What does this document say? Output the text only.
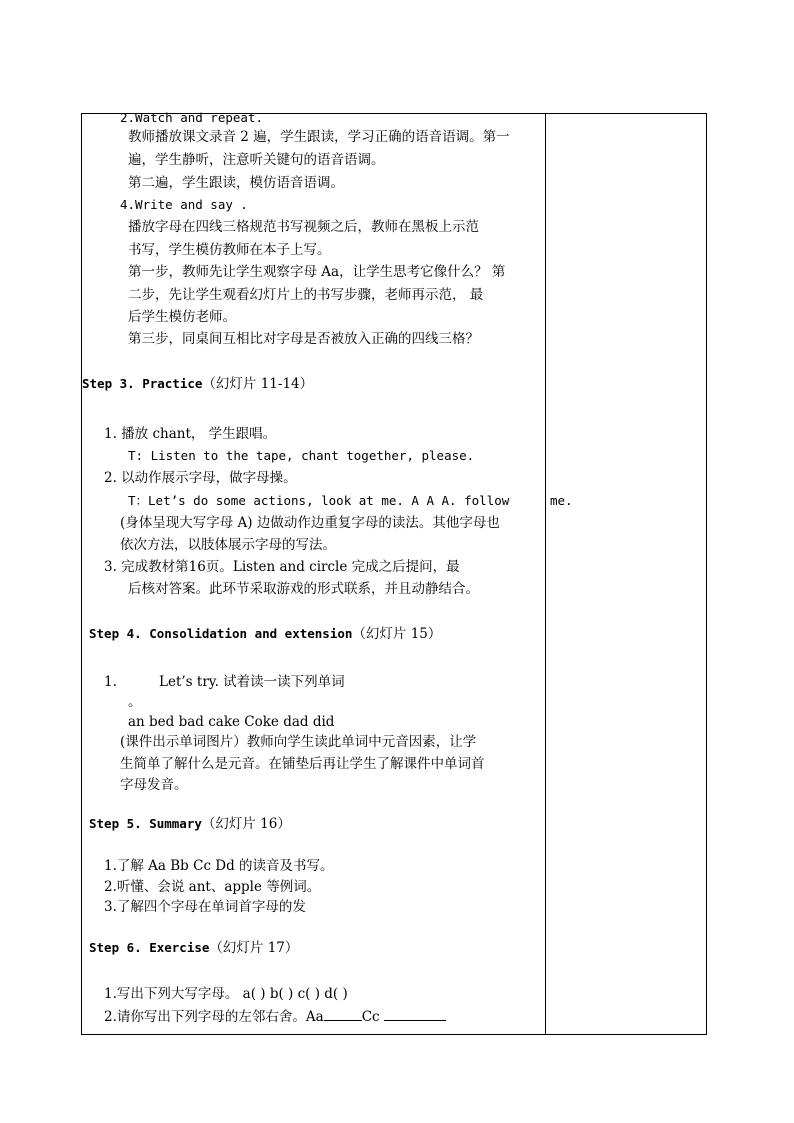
2.Watch and repeat.
教师播放课文录音 2 遍，学生跟读，学习正确的语音语调。第一
遍，学生静听，注意听关键句的语音语调。
第二遍，学生跟读，模仿语音语调。
4.Write and say .
播放字母在四线三格规范书写视频之后，教师在黑板上示范
书写，学生模仿教师在本子上写。
第一步，教师先让学生观察字母 Aa，让学生思考它像什么？ 第
二步，先让学生观看幻灯片上的书写步骤，老师再示范， 最
后学生模仿老师。
第三步，同桌间互相比对字母是否被放入正确的四线三格？
Step 3. Practice（幻灯片 11-14）
1. 播放 chant， 学生跟唱。
T: Listen to the tape, chant together, please.
2. 以动作展示字母，做字母操。
T：Let’s do some actions, look at me. A A A. follow	me.
(身体呈现大写字母 A) 边做动作边重复字母的读法。其他字母也
依次方法，以肢体展示字母的写法。
3. 完成教材第16页。Listen and circle 完成之后提问，最
后核对答案。此环节采取游戏的形式联系，并且动静结合。
Step 4. Consolidation and extension（幻灯片 15）
1.	Let’s try. 试着读一读下列单词
。
an bed bad cake Coke dad did
(课件出示单词图片）教师向学生读此单词中元音因素，让学
生简单了解什么是元音。在铺垫后再让学生了解课件中单词首
字母发音。
Step 5. Summary（幻灯片 16）
1.了解 Aa Bb Cc Dd 的读音及书写。
2.听懂、会说 ant、apple 等例词。
3.了解四个字母在单词首字母的发
Step 6. Exercise（幻灯片 17）
1.写出下列大写字母。 a( ) b( ) c( ) d( )
2.请你写出下列字母的左邻右舍。Aa	Cc
